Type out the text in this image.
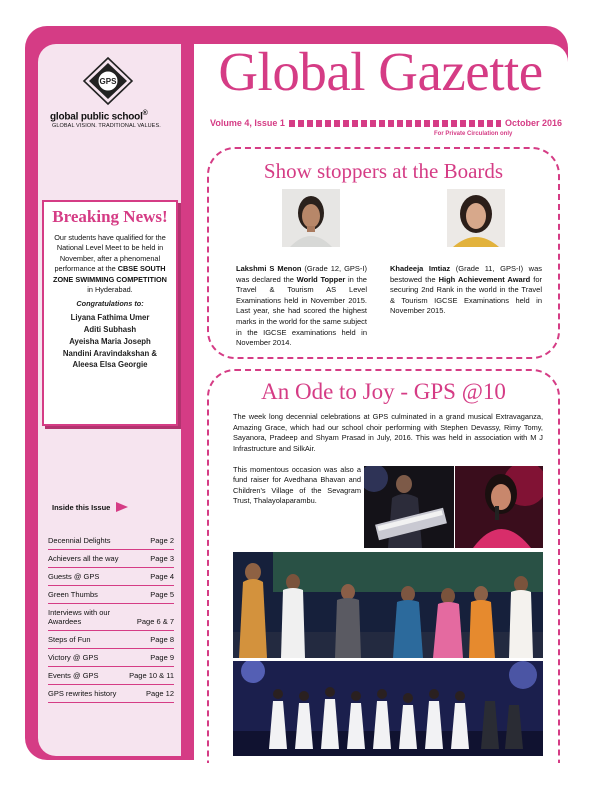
Global Gazette
Volume 4, Issue 1	October 2016
For Private Circulation only
GPS
global public school®
GLOBAL VISION. TRADITIONAL VALUES.
Breaking News!
Our students have qualified for the National Level Meet to be held in November, after a phenomenal performance at the CBSE SOUTH ZONE SWIMMING COMPETITION in Hyderabad.
Congratulations to:
Liyana Fathima Umer
Aditi Subhash
Ayeisha Maria Joseph
Nandini Aravindakshan &
Aleesa Elsa Georgie
Inside this Issue
Decennial Delights	Page 2
Achievers all the way	Page 3
Guests @ GPS	Page 4
Green Thumbs	Page 5
Interviews with our Awardees	Page 6 & 7
Steps of Fun	Page 8
Victory @ GPS	Page 9
Events @ GPS	Page 10 & 11
GPS rewrites history	Page 12
Show stoppers at the Boards
Lakshmi S Menon (Grade 12, GPS-I) was declared the World Topper in the Travel & Tourism AS Level Examinations held in November 2015. Last year, she had scored the highest marks in the world for the same subject in the IGCSE examinations held in November 2014.
Khadeeja Imtiaz (Grade 11, GPS-I) was bestowed the High Achievement Award for securing 2nd Rank in the world in the Travel & Tourism IGCSE Examinations held in November 2015.
An Ode to Joy - GPS @10
The week long decennial celebrations at GPS culminated in a grand musical Extravaganza, Amazing Grace, which had our school choir performing with Stephen Devassy, Rimy Tomy, Sayanora, Pradeep and Shyam Prasad in July, 2016. This was held in association with M J Infrastructure and SilkAir.
This momentous occasion was also a fund raiser for Avedhana Bhavan and Children's Village of the Sevagram Trust, Thalayolaparambu.
